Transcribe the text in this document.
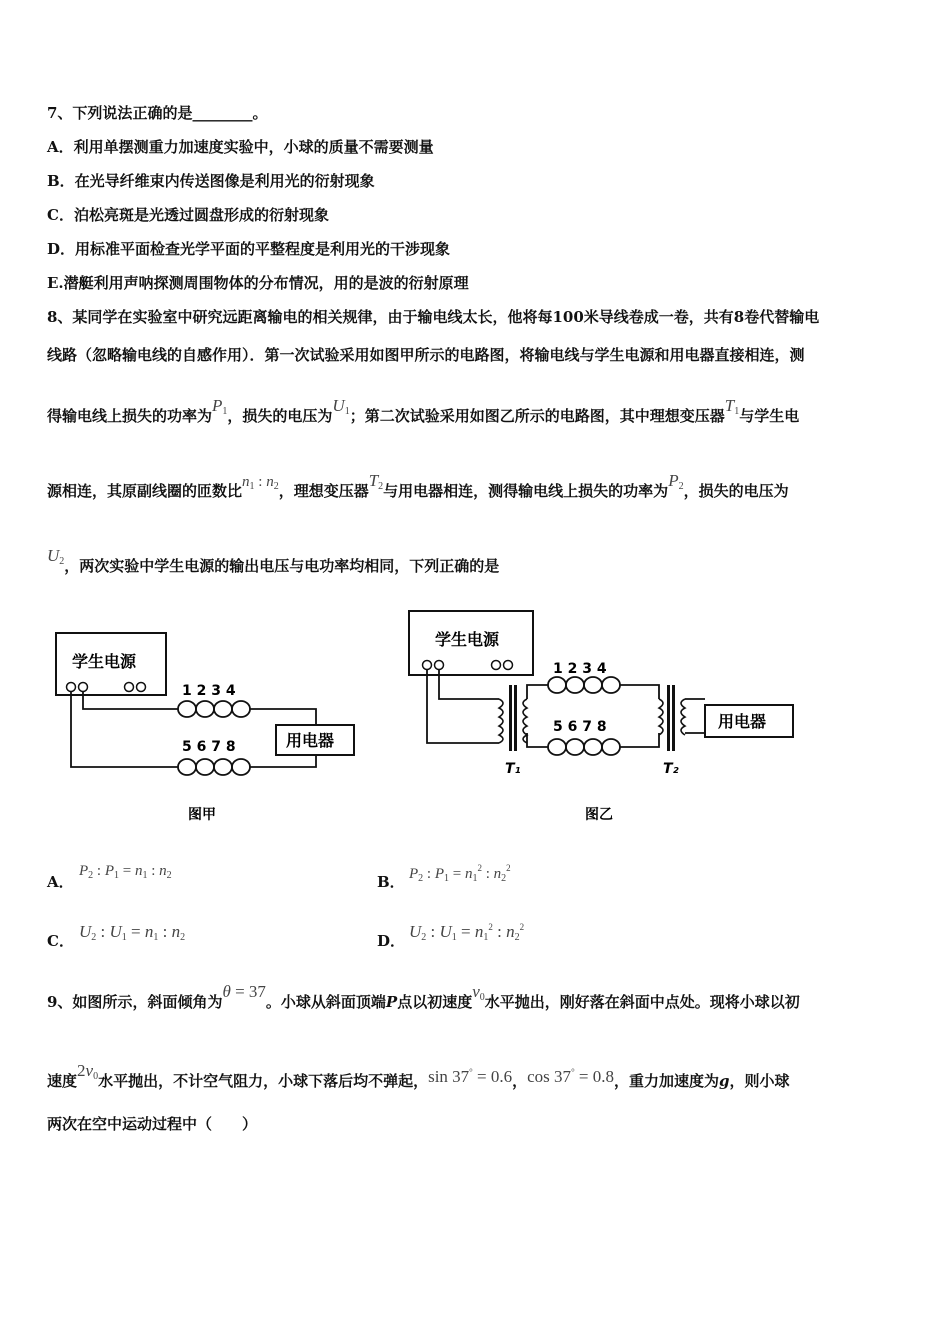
7、下列说法正确的是________。
A．利用单摆测重力加速度实验中，小球的质量不需要测量
B．在光导纤维束内传送图像是利用光的衍射现象
C．泊松亮斑是光透过圆盘形成的衍射现象
D．用标准平面检查光学平面的平整程度是利用光的干涉现象
E.潜艇利用声呐探测周围物体的分布情况，用的是波的衍射原理
8、某同学在实验室中研究远距离输电的相关规律，由于输电线太长，他将每100米导线卷成一卷，共有8卷代替输电
线路（忽略输电线的自感作用）．第一次试验采用如图甲所示的电路图，将输电线与学生电源和用电器直接相连，测
得输电线上损失的功率为$P_1$，损失的电压为$U_1$；第二次试验采用如图乙所示的电路图，其中理想变压器$T_1$与学生电
源相连，其原副线圈的匝数比$n_1$ : $n_2$，理想变压器$T_2$与用电器相连，测得输电线上损失的功率为$P_2$，损失的电压为
$U_2$，两次实验中学生电源的输出电压与电功率均相同，下列正确的是
学生电源
1 2 3 4
用电器
5 6 7 8
图甲
学生电源
T₁
1 2 3 4
5 6 7 8
T₂
用电器
图乙
A．
$P_2$ : $P_1 = n_1$ : $n_2$	B． $P_2$ : $P_1 = n_1^2$ : $n_2^2$
C． $U_2$ : $U_1 = n_1$ : $n_2$	D． $U_2$ : $U_1 = n_1^2$ : $n_2^2$
9、如图所示，斜面倾角为θ = 37。小球从斜面顶端P点以初速度$v_0$水平抛出，刚好落在斜面中点处。现将小球以初
速度$2v_0$水平抛出，不计空气阻力，小球下落后均不弹起，sin 37° = 0.6，cos 37° = 0.8，重力加速度为g，则小球
两次在空中运动过程中（　　）
